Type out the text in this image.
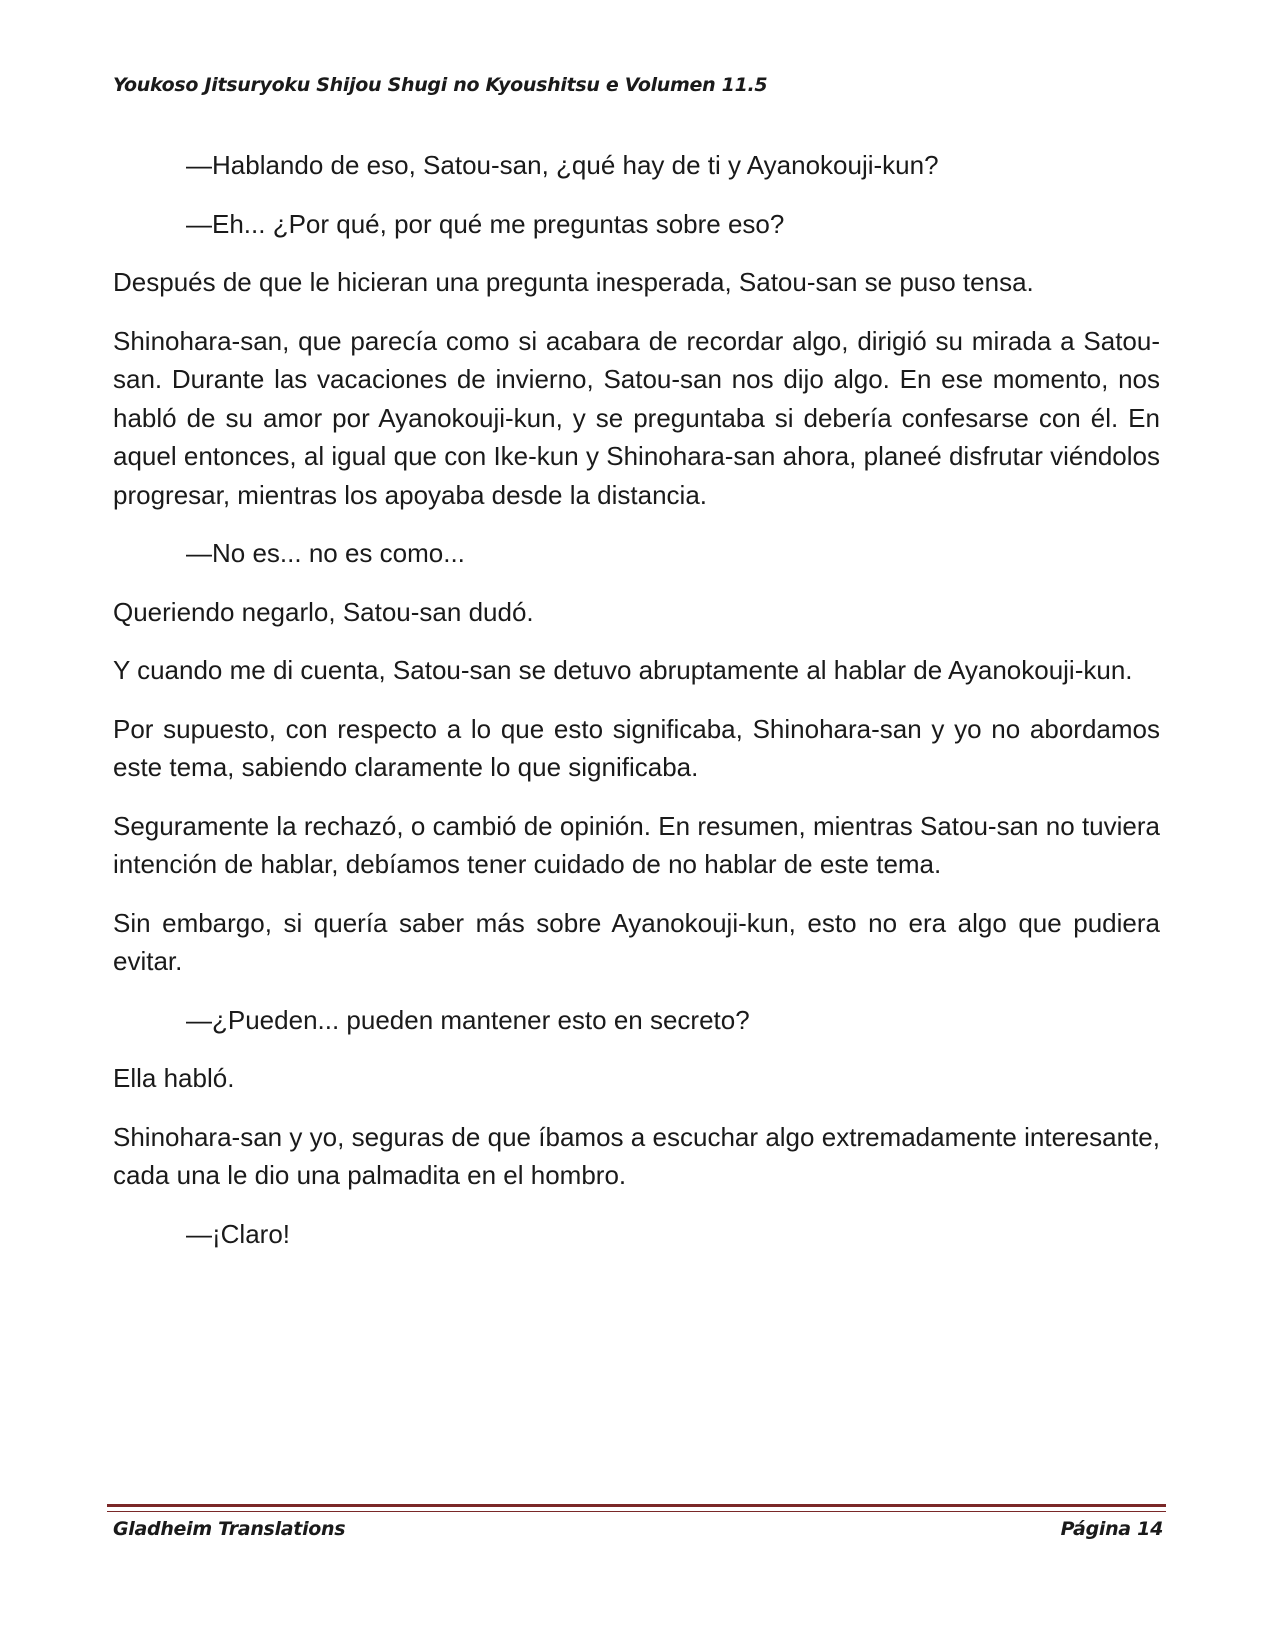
Youkoso Jitsuryoku Shijou Shugi no Kyoushitsu e Volumen 11.5

—Hablando de eso, Satou-san, ¿qué hay de ti y Ayanokouji-kun?

—Eh... ¿Por qué, por qué me preguntas sobre eso?

Después de que le hicieran una pregunta inesperada, Satou-san se puso tensa.

Shinohara-san, que parecía como si acabara de recordar algo, dirigió su mirada a Satou-san. Durante las vacaciones de invierno, Satou-san nos dijo algo. En ese momento, nos habló de su amor por Ayanokouji-kun, y se preguntaba si debería confesarse con él. En aquel entonces, al igual que con Ike-kun y Shinohara-san ahora, planeé disfrutar viéndolos progresar, mientras los apoyaba desde la distancia.

—No es... no es como...

Queriendo negarlo, Satou-san dudó.

Y cuando me di cuenta, Satou-san se detuvo abruptamente al hablar de Ayanokouji-kun.

Por supuesto, con respecto a lo que esto significaba, Shinohara-san y yo no abordamos este tema, sabiendo claramente lo que significaba.

Seguramente la rechazó, o cambió de opinión. En resumen, mientras Satou-san no tuviera intención de hablar, debíamos tener cuidado de no hablar de este tema.

Sin embargo, si quería saber más sobre Ayanokouji-kun, esto no era algo que pudiera evitar.

—¿Pueden... pueden mantener esto en secreto?

Ella habló.

Shinohara-san y yo, seguras de que íbamos a escuchar algo extremadamente interesante, cada una le dio una palmadita en el hombro.

—¡Claro!

Gladheim Translations	Página 14
